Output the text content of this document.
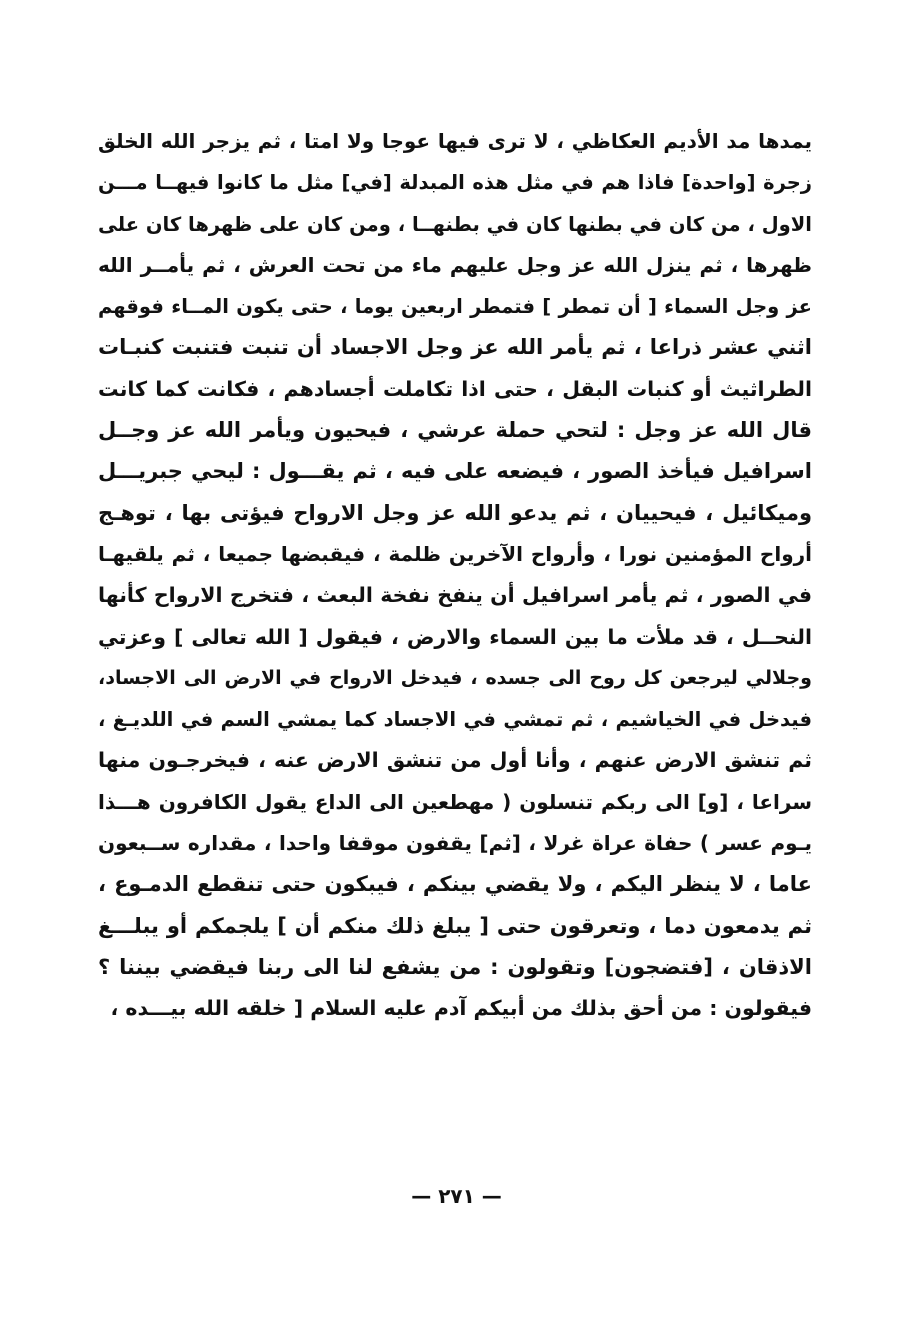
يمدها مد الأديم العكاظي ، لا ترى فيها عوجا ولا امتا ، ثم يزجر الله الخلق
زجرة [واحدة] فاذا هم في مثل هذه المبدلة [في] مثل ما كانوا فيهــا مـــن
الاول ، من كان في بطنها كان في بطنهــا ، ومن كان على ظهرها كان على
ظهرها ، ثم ينزل الله عز وجل عليهم ماء من تحت العرش ، ثم يأمــر الله
عز وجل السماء [ أن تمطر ] فتمطر اربعين يوما ، حتى يكون المــاء فوقهم
اثني عشر ذراعا ، ثم يأمر الله عز وجل الاجساد أن تنبت فتنبت كنبـات
الطراثيث أو كنبات البقل ، حتى اذا تكاملت أجسادهم ، فكانت كما كانت
قال الله عز وجل : لتحي حملة عرشي ، فيحيون ويأمر الله عز وجــل
اسرافيل فيأخذ الصور ، فيضعه على فيه ، ثم يقـــول : ليحي جبريـــل
وميكائيل ، فيحييان ، ثم يدعو الله عز وجل الارواح فيؤتى بها ، توهـج
أرواح المؤمنين نورا ، وأرواح الآخرين ظلمة ، فيقبضها جميعا ، ثم يلقيهـا
في الصور ، ثم يأمر اسرافيل أن ينفخ نفخة البعث ، فتخرج الارواح كأنها
النحــل ، قد ملأت ما بين السماء والارض ، فيقول [ الله تعالى ] وعزتي
وجلالي ليرجعن كل روح الى جسده ، فيدخل الارواح في الارض الى الاجساد،
فيدخل في الخياشيم ، ثم تمشي في الاجساد كما يمشي السم في اللديـغ ،
ثم تنشق الارض عنهم ، وأنا أول من تنشق الارض عنه ، فيخرجـون منها
سراعا ، [و] الى ربكم تنسلون ( مهطعين الى الداع يقول الكافرون هـــذا
يـوم عسر ) حفاة عراة غرلا ، [ثم] يقفون موقفا واحدا ، مقداره ســبعون
عاما ، لا ينظر اليكم ، ولا يقضي بينكم ، فيبكون حتى تنقطع الدمـوع ،
ثم يدمعون دما ، وتعرقون حتى [ يبلغ ذلك منكم أن ] يلجمكم أو يبلـــغ
الاذقان ، [فتضجون] وتقولون : من يشفع لنا الى ربنا فيقضي بيننا ؟
فيقولون : من أحق بذلك من أبيكم آدم عليه السلام [ خلقه الله بيـــده ،
— ٢٧١ —
